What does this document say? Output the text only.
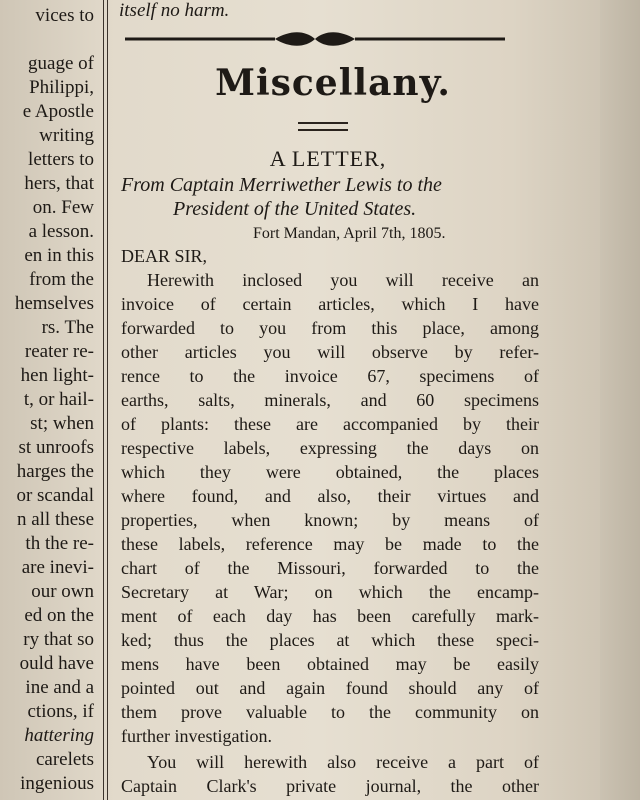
vices to
guage of
Philippi,
e Apostle
writing
letters to
hers, that
on. Few
a lesson.
en in this
from the
hemselves
rs. The
reater re-
hen light-
t, or hail-
st; when
st unroofs
harges the
or scandal
n all these
th the re-
are inevi-
our own
ed on the
ry that so
ould have
ine and a
ctions, if
hattering
carelets
ingenious
itself no harm.
Miscellany.
A LETTER,
From Captain Merriwether Lewis to the
President of the United States.
Fort Mandan, April 7th, 1805.
DEAR SIR,
Herewith inclosed you will receive an
invoice of certain articles, which I have
forwarded to you from this place, among
other articles you will observe by refer-
rence to the invoice 67, specimens of
earths, salts, minerals, and 60 specimens
of plants: these are accompanied by their
respective labels, expressing the days on
which they were obtained, the places
where found, and also, their virtues and
properties, when known; by means of
these labels, reference may be made to the
chart of the Missouri, forwarded to the
Secretary at War; on which the encamp-
ment of each day has been carefully mark-
ked; thus the places at which these speci-
mens have been obtained may be easily
pointed out and again found should any of
them prove valuable to the community on
further investigation.
You will herewith also receive a part of
Captain Clark's private journal, the other
